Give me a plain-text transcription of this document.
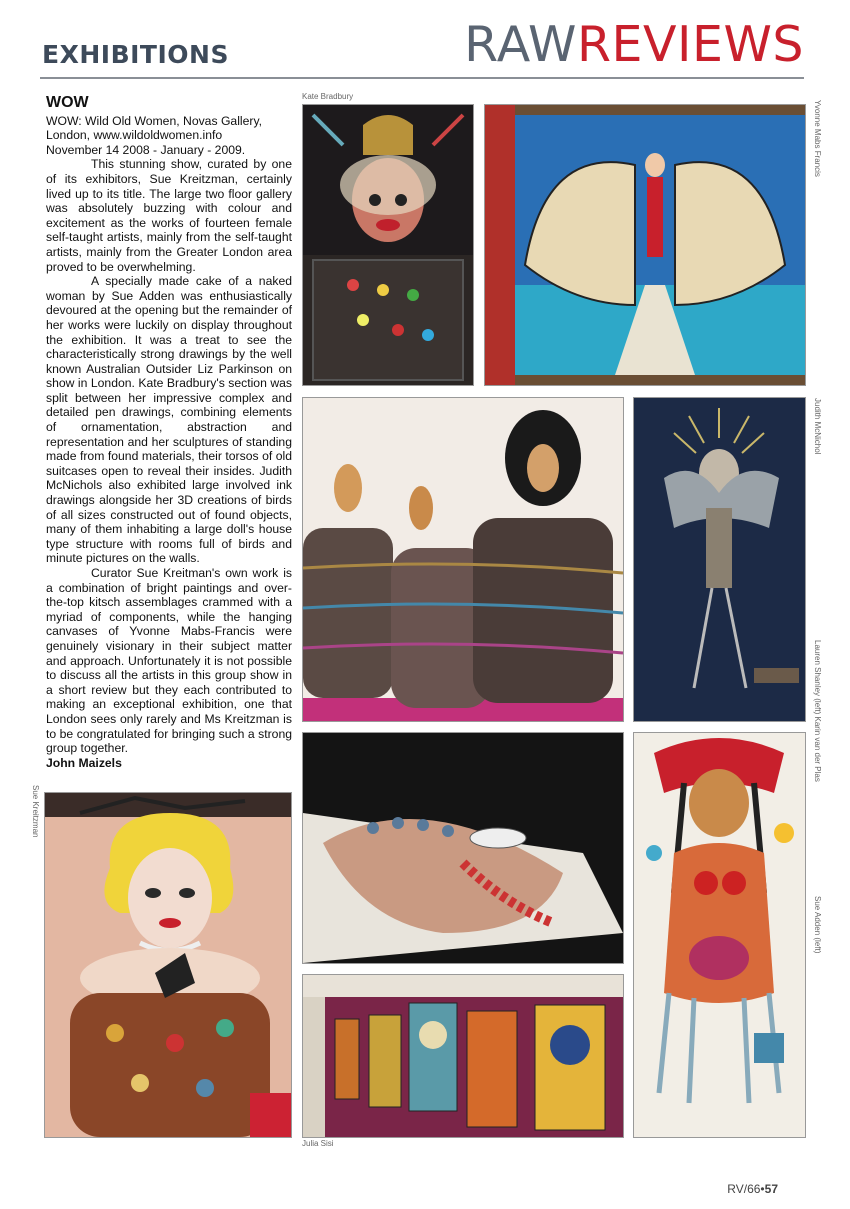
EXHIBITIONS	RAWREVIEWS
WOW

WOW: Wild Old Women, Novas Gallery, London, www.wildoldwomen.info
November 14 2008 - January - 2009.

This stunning show, curated by one of its exhibitors, Sue Kreitzman, certainly lived up to its title. The large two floor gallery was absolutely buzzing with colour and excitement as the works of fourteen female self-taught artists, mainly from the self-taught artists, mainly from the Greater London area proved to be overwhelming.

A specially made cake of a naked woman by Sue Adden was enthusiastically devoured at the opening but the remainder of her works were luckily on display throughout the exhibition. It was a treat to see the characteristically strong drawings by the well known Australian Outsider Liz Parkinson on show in London. Kate Bradbury's section was split between her impressive complex and detailed pen drawings, combining elements of ornamentation, abstraction and representation and her sculptures of standing made from found materials, their torsos of old suitcases open to reveal their insides. Judith McNichols also exhibited large involved ink drawings alongside her 3D creations of birds of all sizes constructed out of found objects, many of them inhabiting a large doll's house type structure with rooms full of birds and minute pictures on the walls.

Curator Sue Kreitman's own work is a combination of bright paintings and over-the-top kitsch assemblages crammed with a myriad of components, while the hanging canvases of Yvonne Mabs-Francis were genuinely visionary in their subject matter and approach. Unfortunately it is not possible to discuss all the artists in this group show in a short review but they each contributed to making an exceptional exhibition, one that London sees only rarely and Ms Kreitzman is to be congratulated for bringing such a strong group together.

John Maizels

Kate Bradbury
Yvonne Mabs Francis
Judith McNichol
Lauren Shanley (left) Karin van der Plas
Sue Adden (left)
Sue Kreitzman
Julia Sisi
RV/66•57
